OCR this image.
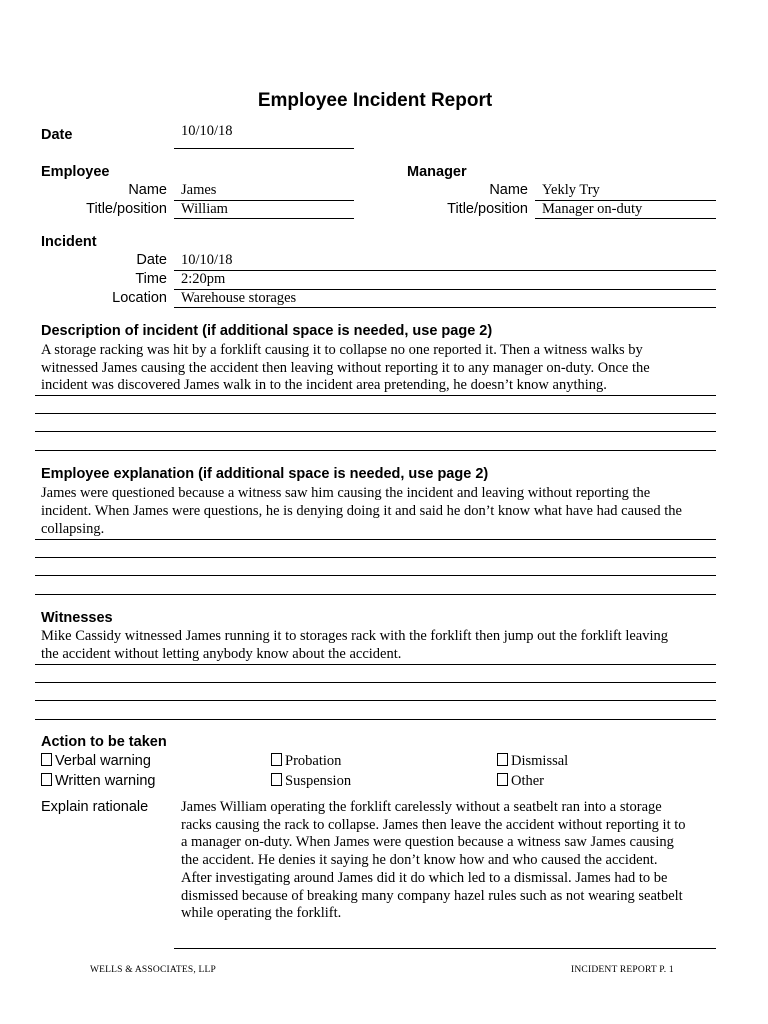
Employee Incident Report
Date	10/10/18
Employee
Name James
Title/position William
Manager
Name Yekly Try
Title/position Manager on-duty
Incident
Date 10/10/18
Time 2:20pm
Location Warehouse storages
Description of incident (if additional space is needed, use page 2)
A storage racking was hit by a forklift causing it to collapse no one reported it. Then a witness walks by
witnessed James causing the accident then leaving without reporting it to any manager on-duty. Once the
incident was discovered James walk in to the incident area pretending, he doesn’t know anything.
Employee explanation (if additional space is needed, use page 2)
James were questioned because a witness saw him causing the incident and leaving without reporting the
incident. When James were questions, he is denying doing it and said he don’t know what have had caused the
collapsing.
Witnesses
Mike Cassidy witnessed James running it to storages rack with the forklift then jump out the forklift leaving
the accident without letting anybody know about the accident.
Action to be taken
Verbal warning
Written warning
Probation
Suspension
Dismissal
Other
Explain rationale James William operating the forklift carelessly without a seatbelt ran into a storage
racks causing the rack to collapse. James then leave the accident without reporting it to
a manager on-duty. When James were question because a witness saw James causing
the accident. He denies it saying he don’t know how and who caused the accident.
After investigating around James did it do which led to a dismissal. James had to be
dismissed because of breaking many company hazel rules such as not wearing seatbelt
while operating the forklift.
WELLS & ASSOCIATES, LLP	INCIDENT REPORT P. 1
